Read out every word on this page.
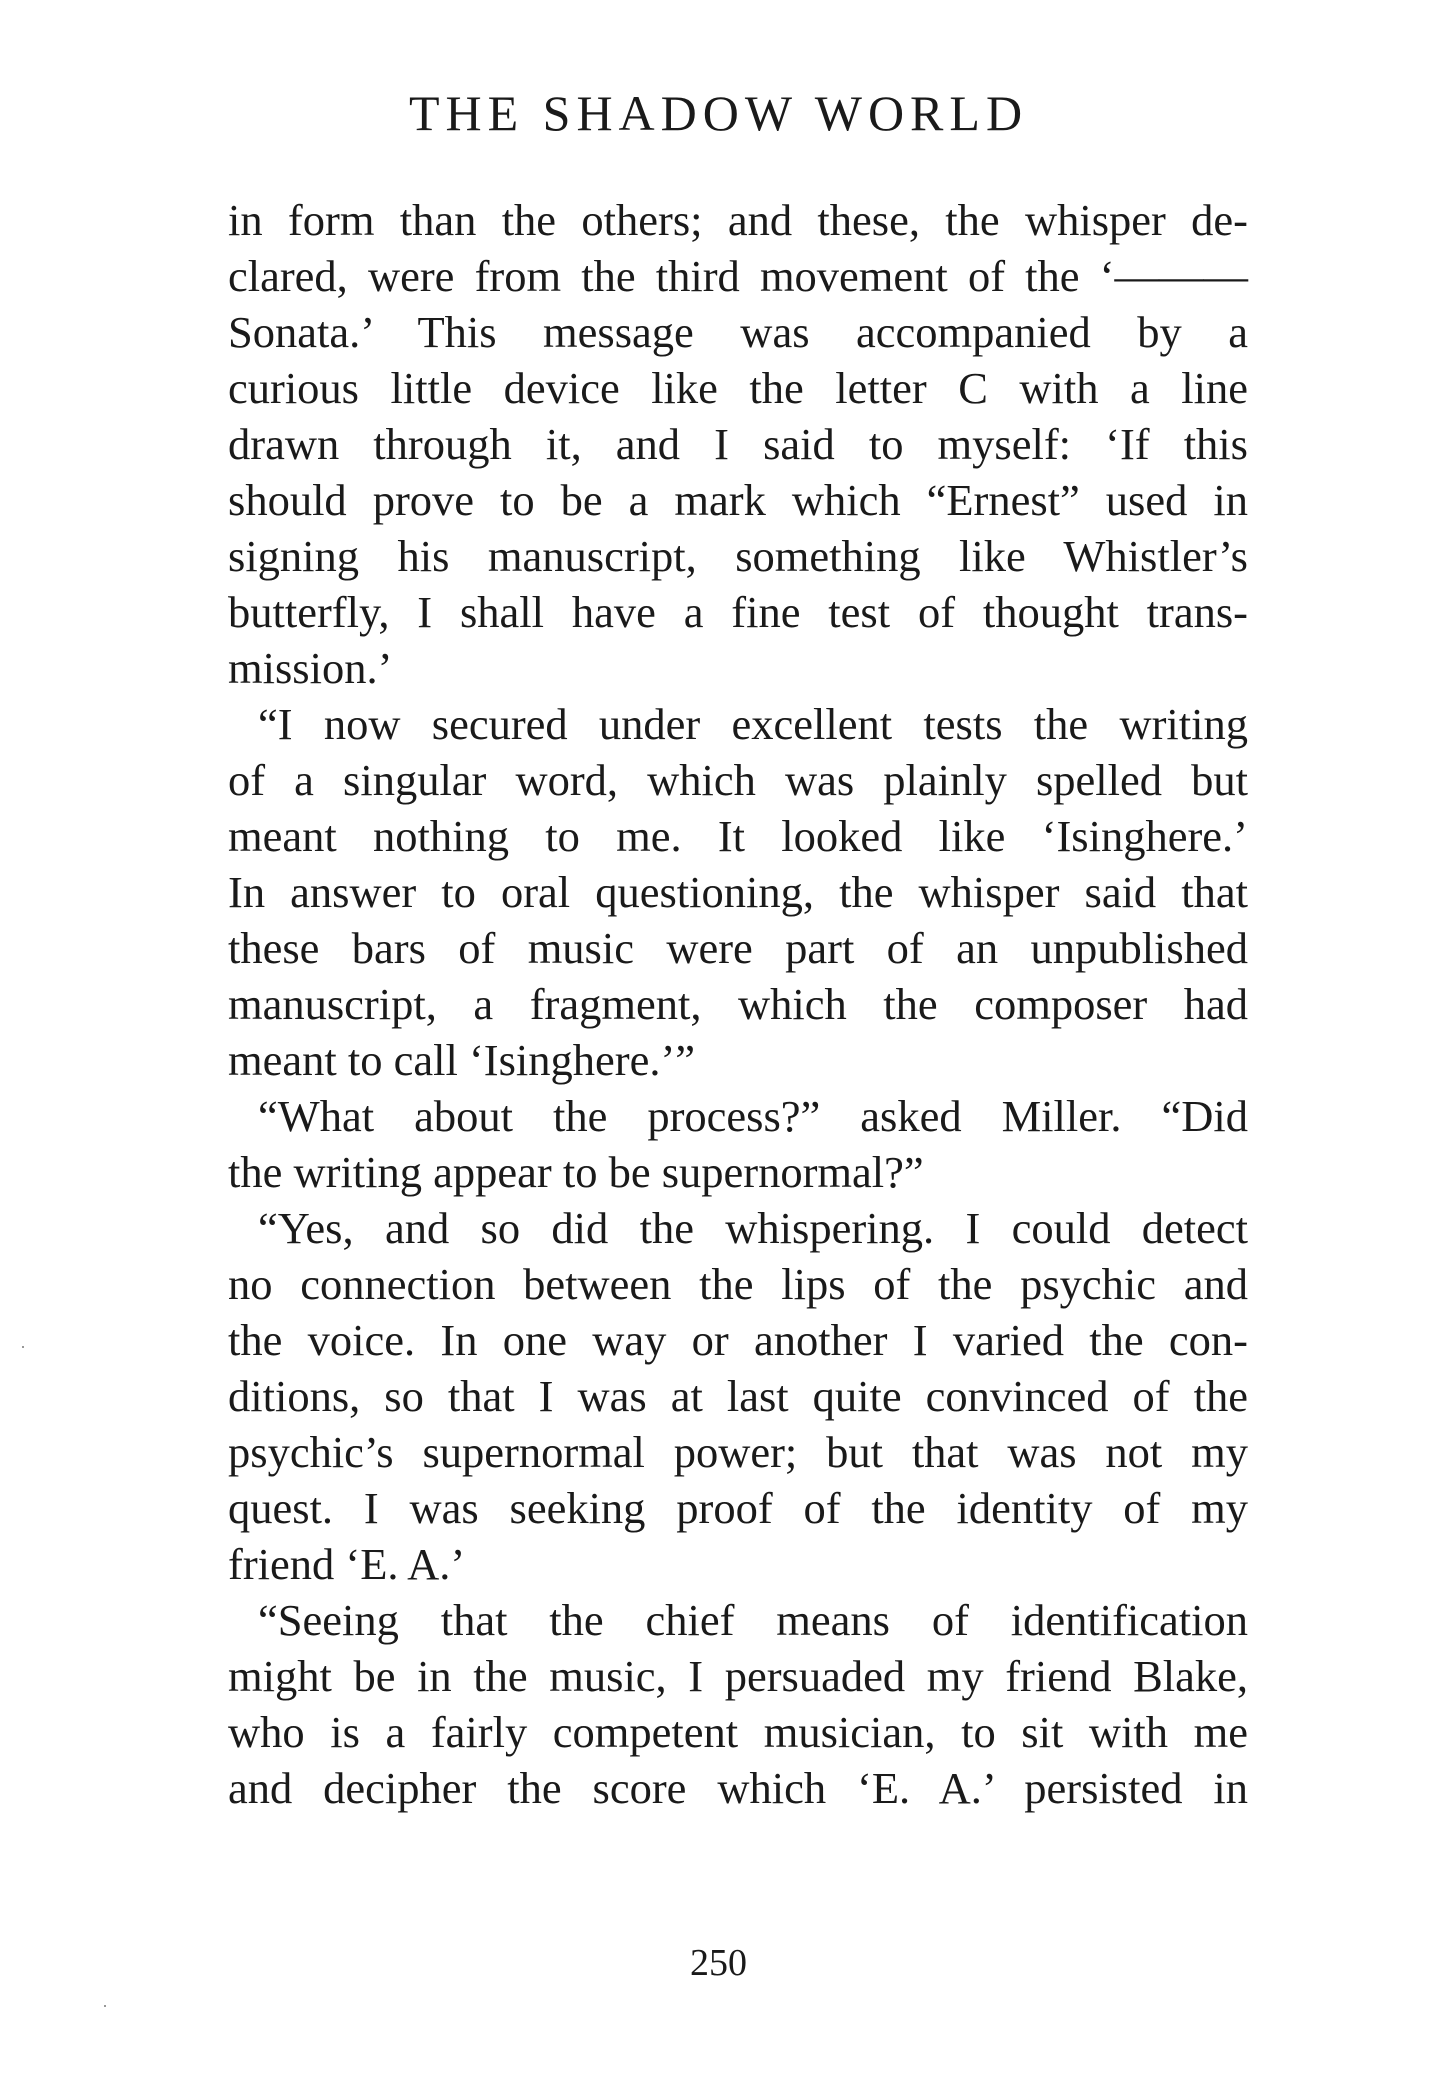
THE SHADOW WORLD
in form than the others; and these, the whisper de-
clared, were from the third movement of the ‘———
Sonata.’ This message was accompanied by a
curious little device like the letter C with a line
drawn through it, and I said to myself: ‘If this
should prove to be a mark which “Ernest” used in
signing his manuscript, something like Whistler’s
butterfly, I shall have a fine test of thought trans-
mission.’
“I now secured under excellent tests the writing
of a singular word, which was plainly spelled but
meant nothing to me. It looked like ‘Isinghere.’
In answer to oral questioning, the whisper said that
these bars of music were part of an unpublished
manuscript, a fragment, which the composer had
meant to call ‘Isinghere.’”
“What about the process?” asked Miller. “Did
the writing appear to be supernormal?”
“Yes, and so did the whispering. I could detect
no connection between the lips of the psychic and
the voice. In one way or another I varied the con-
ditions, so that I was at last quite convinced of the
psychic’s supernormal power; but that was not my
quest. I was seeking proof of the identity of my
friend ‘E. A.’
“Seeing that the chief means of identification
might be in the music, I persuaded my friend Blake,
who is a fairly competent musician, to sit with me
and decipher the score which ‘E. A.’ persisted in
250
